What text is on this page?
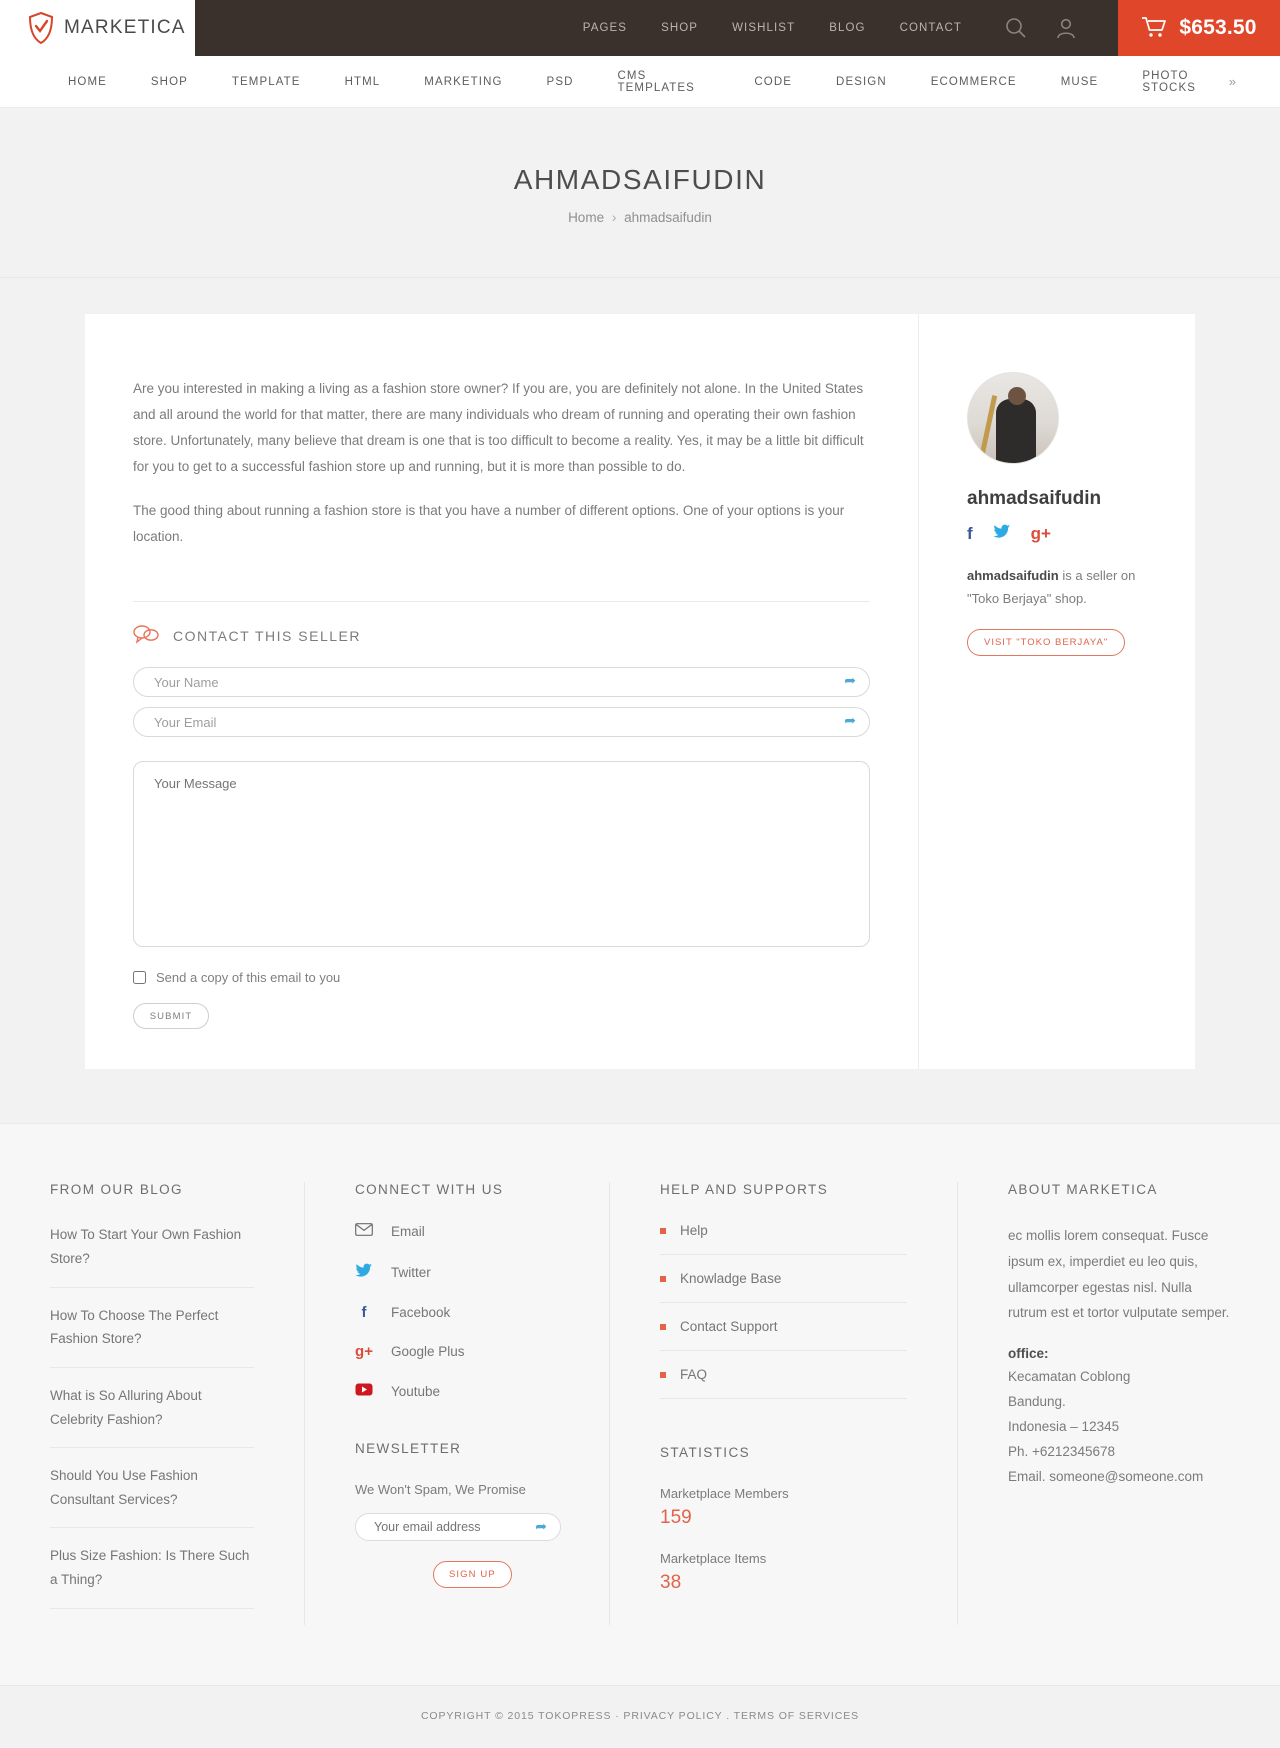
MARKETICA	PAGES	SHOP	WISHLIST	BLOG	CONTACT	$653.50
HOME	SHOP	TEMPLATE	HTML	MARKETING	PSD	CMS TEMPLATES	CODE	DESIGN	ECOMMERCE	MUSE	PHOTO STOCKS	»
AHMADSAIFUDIN
Home › ahmadsaifudin

Are you interested in making a living as a fashion store owner? If you are, you are definitely not alone. In the United States and all around the world for that matter, there are many individuals who dream of running and operating their own fashion store. Unfortunately, many believe that dream is one that is too difficult to become a reality. Yes, it may be a little bit difficult for you to get to a successful fashion store up and running, but it is more than possible to do.

The good thing about running a fashion store is that you have a number of different options. One of your options is your location.

CONTACT THIS SELLER
Your Name
➦
Your Email
➦
Your Message
Send a copy of this email to you
SUBMIT
ahmadsaifudin
f	g+

ahmadsaifudin is a seller on "Toko Berjaya" shop.

VISIT "TOKO BERJAYA"
FROM OUR BLOG
How To Start Your Own Fashion Store?
How To Choose The Perfect Fashion Store?
What is So Alluring About Celebrity Fashion?
Should You Use Fashion Consultant Services?
Plus Size Fashion: Is There Such a Thing?
CONNECT WITH US
Email
Twitter
f	Facebook
g+ Google Plus
Youtube
NEWSLETTER

We Won't Spam, We Promise

Your email address
➦
SIGN UP
HELP AND SUPPORTS
Help
Knowladge Base
Contact Support
FAQ
STATISTICS
Marketplace Members
159
Marketplace Items
38
ABOUT MARKETICA

ec mollis lorem consequat. Fusce ipsum ex, imperdiet eu leo quis, ullamcorper egestas nisl. Nulla rutrum est et tortor vulputate semper.

office:
Kecamatan Coblong
Bandung.
Indonesia – 12345
Ph. +6212345678
Email. someone@someone.com
COPYRIGHT © 2015 TOKOPRESS · PRIVACY POLICY . TERMS OF SERVICES
